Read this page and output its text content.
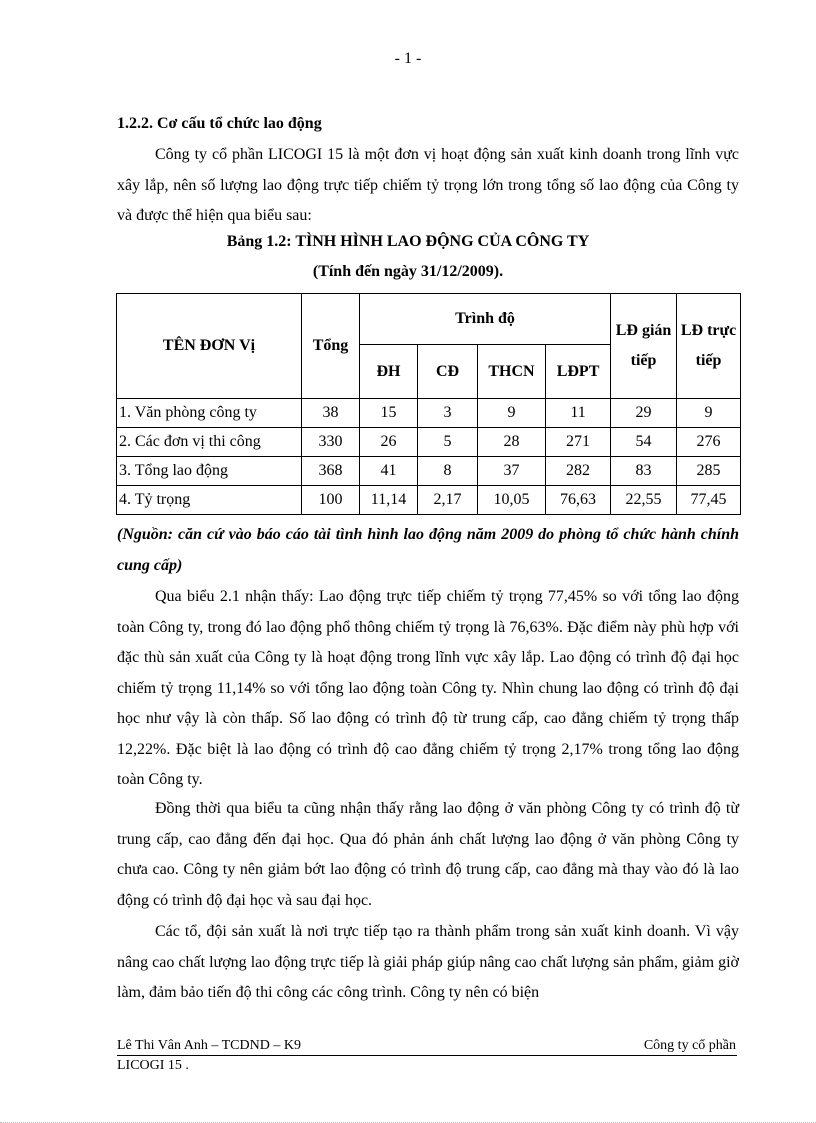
- 1 -
1.2.2. Cơ cấu tổ chức lao động

Công ty cổ phần LICOGI 15 là một đơn vị hoạt động sản xuất kinh doanh trong lĩnh vực xây lắp, nên số lượng lao động trực tiếp chiếm tỷ trọng lớn trong tổng số lao động của Công ty và được thể hiện qua biểu sau:

Bảng 1.2: TÌNH HÌNH LAO ĐỘNG CỦA CÔNG TY
(Tính đến ngày 31/12/2009).
TÊN ĐƠN Vị	Tổng	Trình độ				LĐ gián tiếp	LĐ trực tiếp
		ĐH	CĐ	THCN	LĐPT		
1. Văn phòng công ty	38	15	3	9	11	29	9
2. Các đơn vị thi công	330	26	5	28	271	54	276
3. Tổng lao động	368	41	8	37	282	83	285
4. Tỷ trọng	100	11,14	2,17	10,05	76,63	22,55	77,45

(Nguồn: căn cứ vào báo cáo tài tình hình lao động năm 2009 do phòng tổ chức hành chính cung cấp)

Qua biểu 2.1 nhận thấy: Lao động trực tiếp chiếm tỷ trọng 77,45% so với tổng lao động toàn Công ty, trong đó lao động phổ thông chiếm tỷ trọng là 76,63%. Đặc điểm này phù hợp với đặc thù sản xuất của Công ty là hoạt động trong lĩnh vực xây lắp. Lao động có trình độ đại học chiếm tỷ trọng 11,14% so với tổng lao động toàn Công ty. Nhìn chung lao động có trình độ đại học như vậy là còn thấp. Số lao động có trình độ từ trung cấp, cao đẳng chiếm tỷ trọng thấp 12,22%. Đặc biệt là lao động có trình độ cao đẳng chiếm tỷ trọng 2,17% trong tổng lao động toàn Công ty.

Đồng thời qua biểu ta cũng nhận thấy rằng lao động ở văn phòng Công ty có trình độ từ trung cấp, cao đẳng đến đại học. Qua đó phản ánh chất lượng lao động ở văn phòng Công ty chưa cao. Công ty nên giảm bớt lao động có trình độ trung cấp, cao đẳng mà thay vào đó là lao động có trình độ đại học và sau đại học.

Các tổ, đội sản xuất là nơi trực tiếp tạo ra thành phẩm trong sản xuất kinh doanh. Vì vậy nâng cao chất lượng lao động trực tiếp là giải pháp giúp nâng cao chất lượng sản phẩm, giảm giờ làm, đảm bảo tiến độ thi công các công trình. Công ty nên có biện

Lê Thi Vân Anh – TCDND – K9	Công ty cổ phần
LICOGI 15 .
